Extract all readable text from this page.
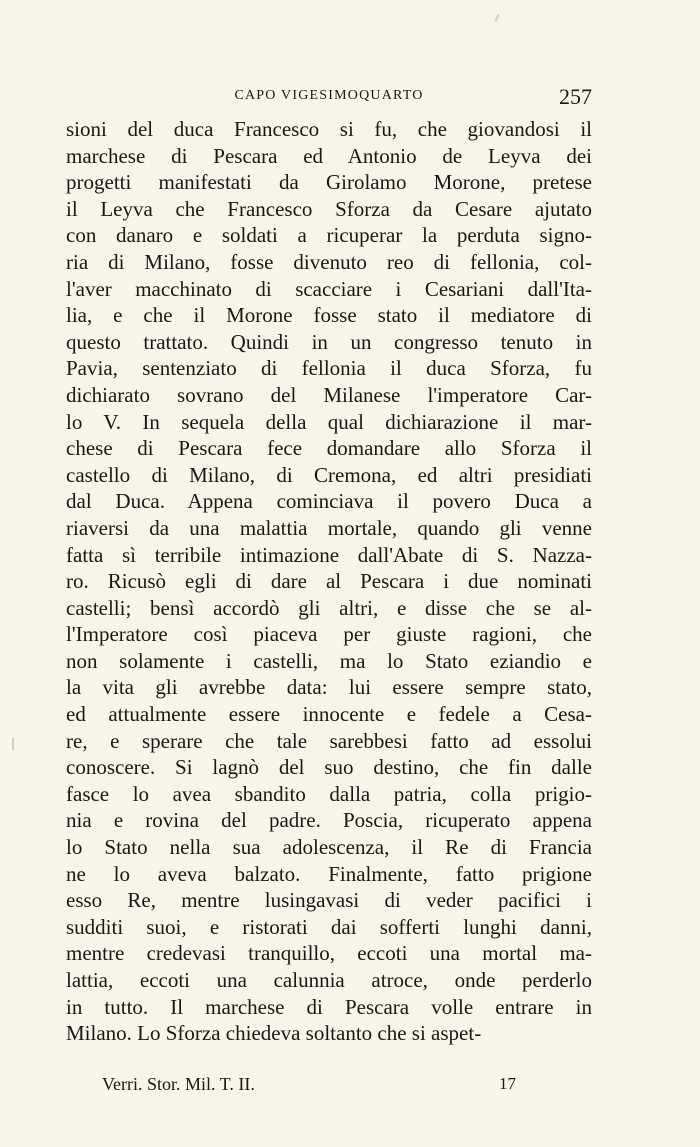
CAPO VIGESIMOQUARTO	257
sioni del duca Francesco si fu, che giovandosi il
marchese di Pescara ed Antonio de Leyva dei
progetti manifestati da Girolamo Morone, pretese
il Leyva che Francesco Sforza da Cesare ajutato
con danaro e soldati a ricuperar la perduta signo-
ria di Milano, fosse divenuto reo di fellonia, col-
l'aver macchinato di scacciare i Cesariani dall'Ita-
lia, e che il Morone fosse stato il mediatore di
questo trattato. Quindi in un congresso tenuto in
Pavia, sentenziato di fellonia il duca Sforza, fu
dichiarato sovrano del Milanese l'imperatore Car-
lo V. In sequela della qual dichiarazione il mar-
chese di Pescara fece domandare allo Sforza il
castello di Milano, di Cremona, ed altri presidiati
dal Duca. Appena cominciava il povero Duca a
riaversi da una malattia mortale, quando gli venne
fatta sì terribile intimazione dall'Abate di S. Nazza-
ro. Ricusò egli di dare al Pescara i due nominati
castelli; bensì accordò gli altri, e disse che se al-
l'Imperatore così piaceva per giuste ragioni, che
non solamente i castelli, ma lo Stato eziandio e
la vita gli avrebbe data: lui essere sempre stato,
ed attualmente essere innocente e fedele a Cesa-
re, e sperare che tale sarebbesi fatto ad essolui
conoscere. Si lagnò del suo destino, che fin dalle
fasce lo avea sbandito dalla patria, colla prigio-
nia e rovina del padre. Poscia, ricuperato appena
lo Stato nella sua adolescenza, il Re di Francia
ne lo aveva balzato. Finalmente, fatto prigione
esso Re, mentre lusingavasi di veder pacifici i
sudditi suoi, e ristorati dai sofferti lunghi danni,
mentre credevasi tranquillo, eccoti una mortal ma-
lattia, eccoti una calunnia atroce, onde perderlo
in tutto. Il marchese di Pescara volle entrare in
Milano. Lo Sforza chiedeva soltanto che si aspet-
Verri. Stor. Mil. T. II.	17
